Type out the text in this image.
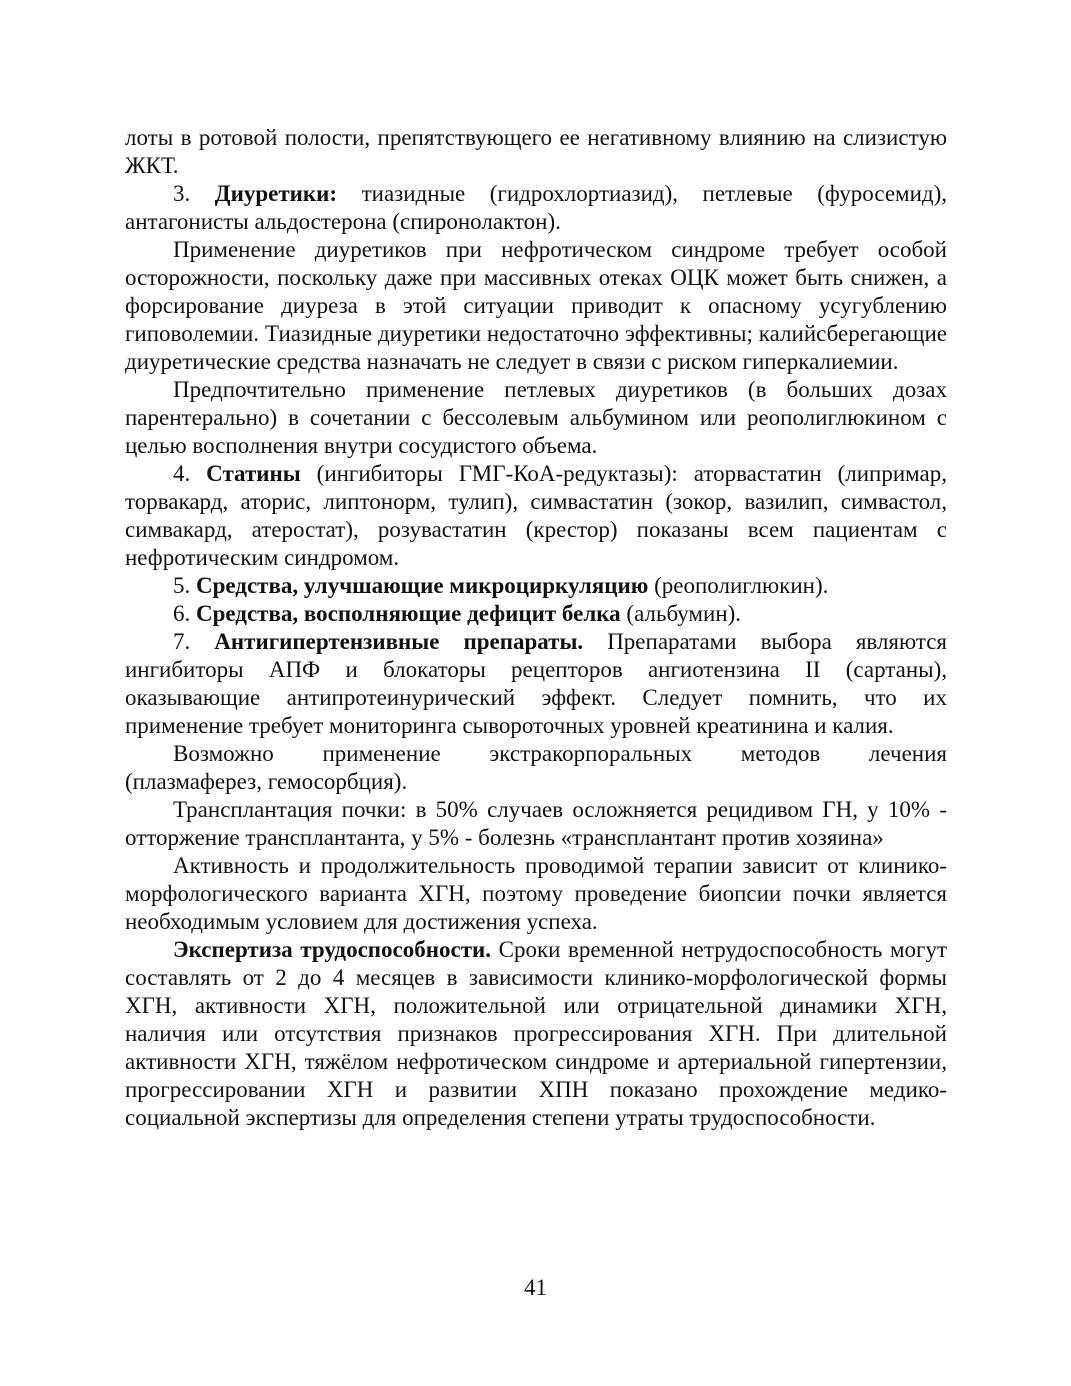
лоты в ротовой полости, препятствующего ее негативному влиянию на слизистую ЖКТ.

3. Диуретики: тиазидные (гидрохлортиазид), петлевые (фуросемид), антагонисты альдостерона (спиронолактон).

Применение диуретиков при нефротическом синдроме требует особой осторожности, поскольку даже при массивных отеках ОЦК может быть снижен, а форсирование диуреза в этой ситуации приводит к опасному усугублению гиповолемии. Тиазидные диуретики недостаточно эффективны; калийсберегающие диуретические средства назначать не следует в связи с риском гиперкалиемии.

Предпочтительно применение петлевых диуретиков (в больших дозах парентерально) в сочетании с бессолевым альбумином или реополиглюкином с целью восполнения внутри сосудистого объема.

4. Статины (ингибиторы ГМГ-КоА-редуктазы): аторвастатин (липримар, торвакард, аторис, липтонорм, тулип), симвастатин (зокор, вазилип, симвастол, симвакард, атеростат), розувастатин (крестор) показаны всем пациентам с нефротическим синдромом.

5. Средства, улучшающие микроциркуляцию (реополиглюкин).

6. Средства, восполняющие дефицит белка (альбумин).

7. Антигипертензивные препараты. Препаратами выбора являются ингибиторы АПФ и блокаторы рецепторов ангиотензина II (сартаны), оказывающие антипротеинурический эффект. Следует помнить, что их применение требует мониторинга сывороточных уровней креатинина и калия.

Возможно применение экстракорпоральных методов лечения

(плазмаферез, гемосорбция).

Трансплантация почки: в 50% случаев осложняется рецидивом ГН, у 10% - отторжение трансплантанта, у 5% - болезнь «трансплантант против хозяина»

Активность и продолжительность проводимой терапии зависит от клинико-морфологического варианта ХГН, поэтому проведение биопсии почки является необходимым условием для достижения успеха.

Экспертиза трудоспособности. Сроки временной нетрудоспособность могут составлять от 2 до 4 месяцев в зависимости клинико-морфологической формы ХГН, активности ХГН, положительной или отрицательной динамики ХГН, наличия или отсутствия признаков прогрессирования ХГН. При длительной активности ХГН, тяжёлом нефротическом синдроме и артериальной гипертензии, прогрессировании ХГН и развитии ХПН показано прохождение медико-социальной экспертизы для определения степени утраты трудоспособности.

41
